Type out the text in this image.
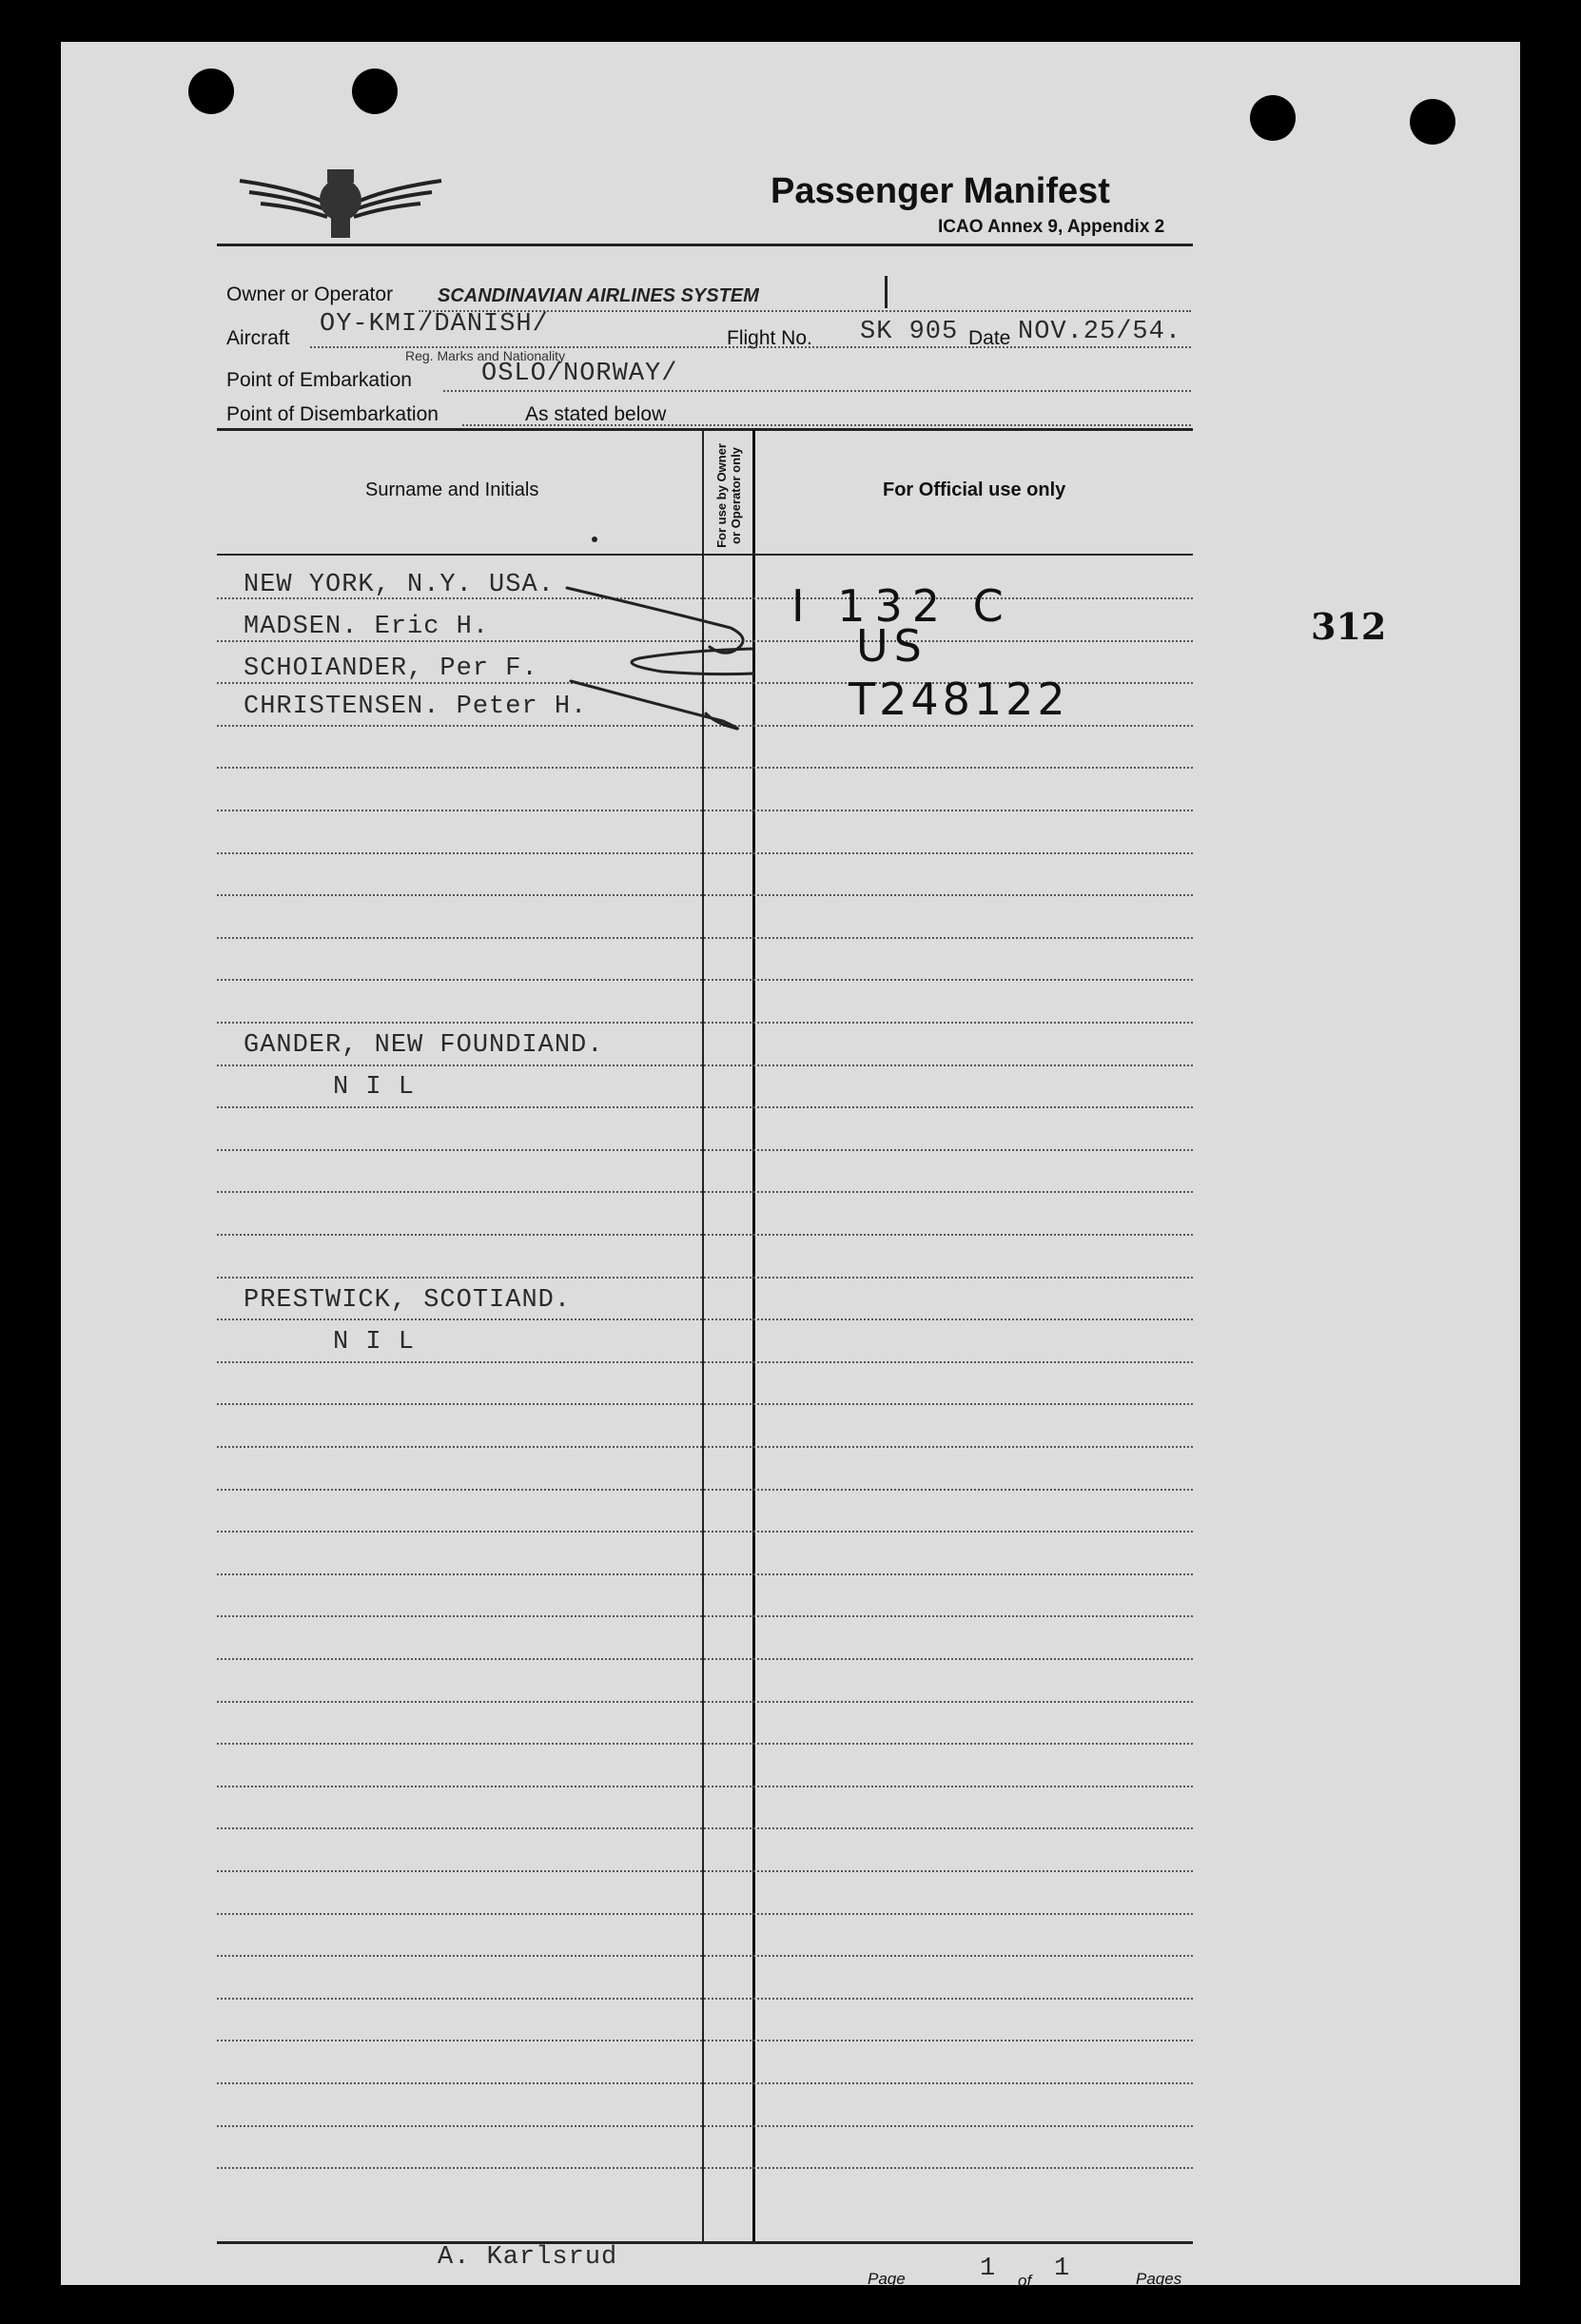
Passenger Manifest
ICAO Annex 9, Appendix 2
Owner or Operator SCANDINAVIAN AIRLINES SYSTEM
Aircraft OY-KMI/DANISH/	Flight No. SK 905 Date NOV.25/54.
Reg. Marks and Nationality
Point of Embarkation	OSLO/NORWAY/
Point of Disembarkation	As stated below
Surname and Initials	For use by Owner or Operator only	For Official use only
NEW YORK, N.Y. USA.
MADSEN. Eric H.
SCHOIANDER, Per F.
CHRISTENSEN. Peter H.
GANDER, NEW FOUNDIAND.
N I L
PRESTWICK, SCOTIAND.
N I L
I 132 C
US
T248122
312
A. Karlsrud
Page	1 of 1	Pages
